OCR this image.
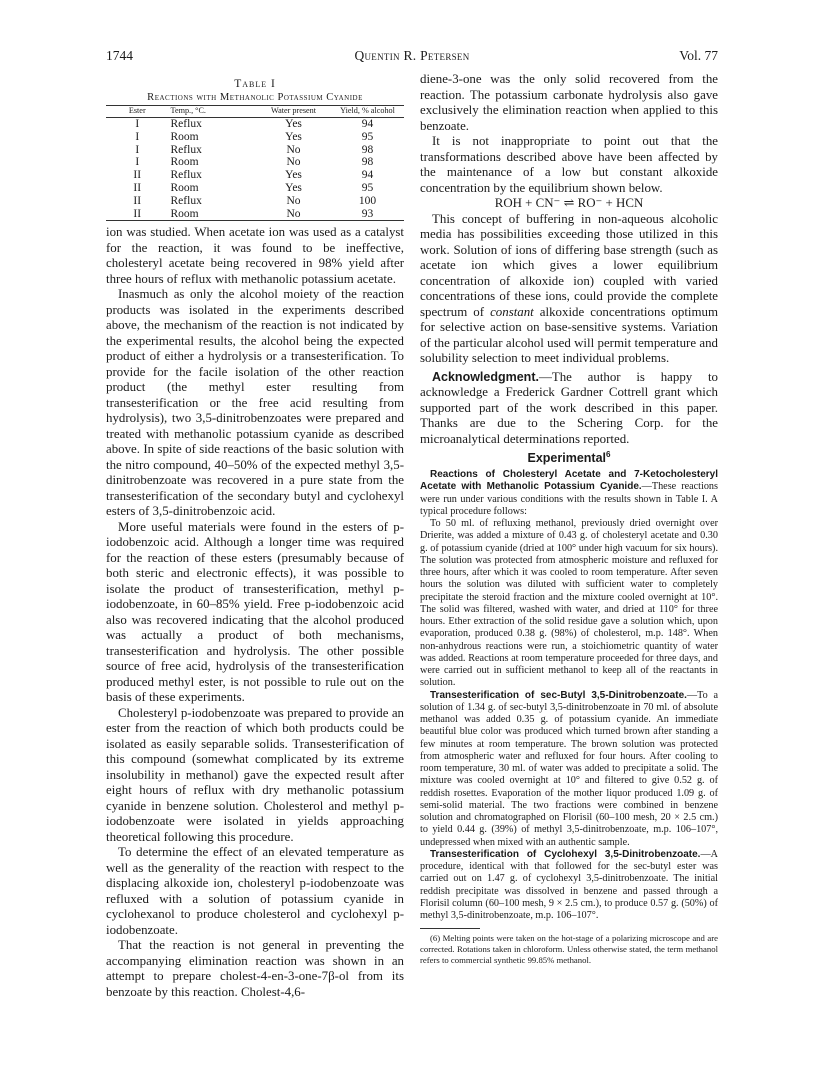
1744	Quentin R. Petersen	Vol. 77
Table I
Reactions with Methanolic Potassium Cyanide
Ester	Temp., °C.	Water present	Yield, % alcohol
I	Reflux	Yes	94
I	Room	Yes	95
I	Reflux	No	98
I	Room	No	98
II	Reflux	Yes	94
II	Room	Yes	95
II	Reflux	No	100
II	Room	No	93

ion was studied. When acetate ion was used as a catalyst for the reaction, it was found to be ineffective, cholesteryl acetate being recovered in 98% yield after three hours of reflux with methanolic potassium acetate.

Inasmuch as only the alcohol moiety of the reaction products was isolated in the experiments described above, the mechanism of the reaction is not indicated by the experimental results, the alcohol being the expected product of either a hydrolysis or a transesterification. To provide for the facile isolation of the other reaction product (the methyl ester resulting from transesterification or the free acid resulting from hydrolysis), two 3,5-dinitrobenzoates were prepared and treated with methanolic potassium cyanide as described above. In spite of side reactions of the basic solution with the nitro compound, 40–50% of the expected methyl 3,5-dinitrobenzoate was recovered in a pure state from the transesterification of the secondary butyl and cyclohexyl esters of 3,5-dinitrobenzoic acid.

More useful materials were found in the esters of p-iodobenzoic acid. Although a longer time was required for the reaction of these esters (presumably because of both steric and electronic effects), it was possible to isolate the product of transesterification, methyl p-iodobenzoate, in 60–85% yield. Free p-iodobenzoic acid also was recovered indicating that the alcohol produced was actually a product of both mechanisms, transesterification and hydrolysis. The other possible source of free acid, hydrolysis of the transesterification produced methyl ester, is not possible to rule out on the basis of these experiments.

Cholesteryl p-iodobenzoate was prepared to provide an ester from the reaction of which both products could be isolated as easily separable solids. Transesterification of this compound (somewhat complicated by its extreme insolubility in methanol) gave the expected result after eight hours of reflux with dry methanolic potassium cyanide in benzene solution. Cholesterol and methyl p-iodobenzoate were isolated in yields approaching theoretical following this procedure.

To determine the effect of an elevated temperature as well as the generality of the reaction with respect to the displacing alkoxide ion, cholesteryl p-iodobenzoate was refluxed with a solution of potassium cyanide in cyclohexanol to produce cholesterol and cyclohexyl p-iodobenzoate.

That the reaction is not general in preventing the accompanying elimination reaction was shown in an attempt to prepare cholest-4-en-3-one-7β-ol from its benzoate by this reaction. Cholest-4,6-

diene-3-one was the only solid recovered from the reaction. The potassium carbonate hydrolysis also gave exclusively the elimination reaction when applied to this benzoate.

It is not inappropriate to point out that the transformations described above have been affected by the maintenance of a low but constant alkoxide concentration by the equilibrium shown below.

ROH + CN⁻ ⇌ RO⁻ + HCN

This concept of buffering in non-aqueous alcoholic media has possibilities exceeding those utilized in this work. Solution of ions of differing base strength (such as acetate ion which gives a lower equilibrium concentration of alkoxide ion) coupled with varied concentrations of these ions, could provide the complete spectrum of constant alkoxide concentrations optimum for selective action on base-sensitive systems. Variation of the particular alcohol used will permit temperature and solubility selection to meet individual problems.

Acknowledgment.—The author is happy to acknowledge a Frederick Gardner Cottrell grant which supported part of the work described in this paper. Thanks are due to the Schering Corp. for the microanalytical determinations reported.

Experimental$^6$

Reactions of Cholesteryl Acetate and 7-Ketocholesteryl Acetate with Methanolic Potassium Cyanide.—These reactions were run under various conditions with the results shown in Table I. A typical procedure follows:

To 50 ml. of refluxing methanol, previously dried overnight over Drierite, was added a mixture of 0.43 g. of cholesteryl acetate and 0.30 g. of potassium cyanide (dried at 100° under high vacuum for six hours). The solution was protected from atmospheric moisture and refluxed for three hours, after which it was cooled to room temperature. After seven hours the solution was diluted with sufficient water to completely precipitate the steroid fraction and the mixture cooled overnight at 10°. The solid was filtered, washed with water, and dried at 110° for three hours. Ether extraction of the solid residue gave a solution which, upon evaporation, produced 0.38 g. (98%) of cholesterol, m.p. 148°. When non-anhydrous reactions were run, a stoichiometric quantity of water was added. Reactions at room temperature proceeded for three days, and were carried out in sufficient methanol to keep all of the reactants in solution.

Transesterification of sec-Butyl 3,5-Dinitrobenzoate.—To a solution of 1.34 g. of sec-butyl 3,5-dinitrobenzoate in 70 ml. of absolute methanol was added 0.35 g. of potassium cyanide. An immediate beautiful blue color was produced which turned brown after standing a few minutes at room temperature. The brown solution was protected from atmospheric water and refluxed for four hours. After cooling to room temperature, 30 ml. of water was added to precipitate a solid. The mixture was cooled overnight at 10° and filtered to give 0.52 g. of reddish rosettes. Evaporation of the mother liquor produced 1.09 g. of semi-solid material. The two fractions were combined in benzene solution and chromatographed on Florisil (60–100 mesh, 20 × 2.5 cm.) to yield 0.44 g. (39%) of methyl 3,5-dinitrobenzoate, m.p. 106–107°, undepressed when mixed with an authentic sample.

Transesterification of Cyclohexyl 3,5-Dinitrobenzoate.—A procedure, identical with that followed for the sec-butyl ester was carried out on 1.47 g. of cyclohexyl 3,5-dinitrobenzoate. The initial reddish precipitate was dissolved in benzene and passed through a Florisil column (60–100 mesh, 9 × 2.5 cm.), to produce 0.57 g. (50%) of methyl 3,5-dinitrobenzoate, m.p. 106–107°.

(6) Melting points were taken on the hot-stage of a polarizing microscope and are corrected. Rotations taken in chloroform. Unless otherwise stated, the term methanol refers to commercial synthetic 99.85% methanol.
